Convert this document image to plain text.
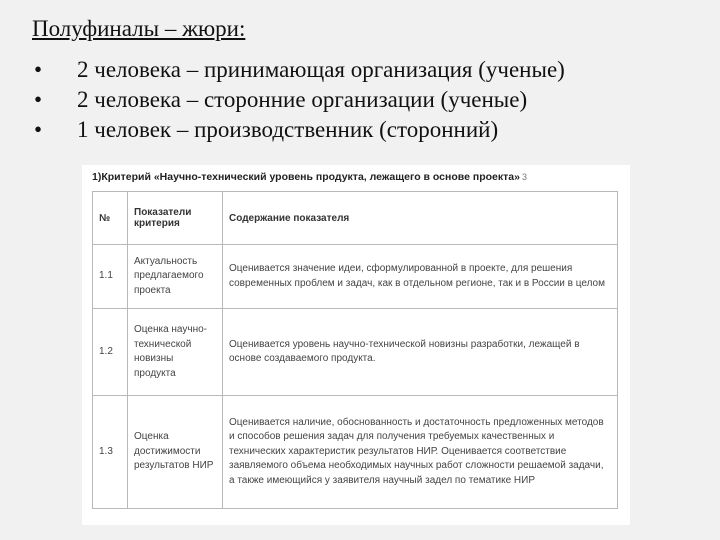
Полуфиналы – жюри:
• 2 человека – принимающая организация (ученые)
• 2 человека – сторонние организации (ученые)
• 1 человек – производственник (сторонний)
1)Критерий «Научно-технический уровень продукта, лежащего в основе проекта» 3
№	Показатели критерия	Содержание показателя
1.1	Актуальность предлагаемого проекта	Оценивается значение идеи, сформулированной в проекте, для решения современных проблем и задач, как в отдельном регионе, так и в России в целом
1.2	Оценка научно-технической новизны продукта	Оценивается уровень научно-технической новизны разработки, лежащей в основе создаваемого продукта.
1.3	Оценка достижимости результатов НИР	Оценивается наличие, обоснованность и достаточность предложенных методов и способов решения задач для получения требуемых качественных и технических характеристик результатов НИР. Оценивается соответствие заявляемого объема необходимых научных работ сложности решаемой задачи, а также имеющийся у заявителя научный задел по тематике НИР
